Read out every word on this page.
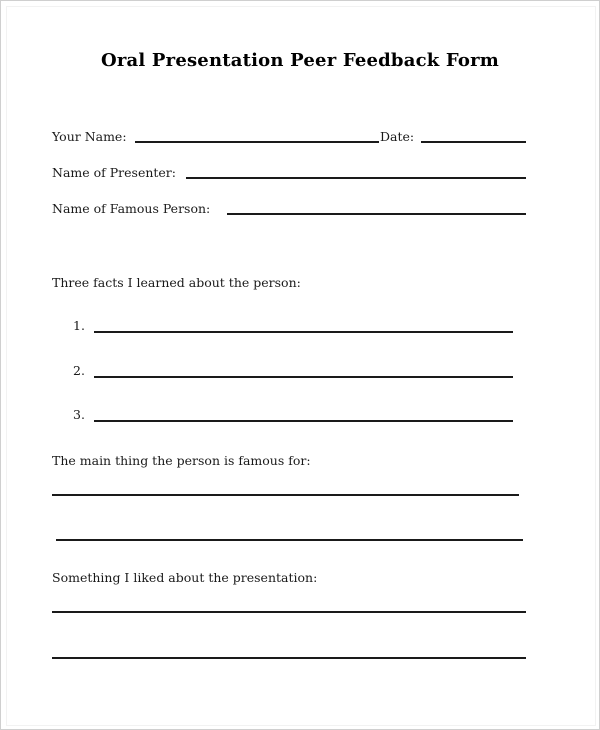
Oral Presentation Peer Feedback Form
Your Name:	Date:
Name of Presenter:
Name of Famous Person:
Three facts I learned about the person:
1.
2.
3.
The main thing the person is famous for:
Something I liked about the presentation:
